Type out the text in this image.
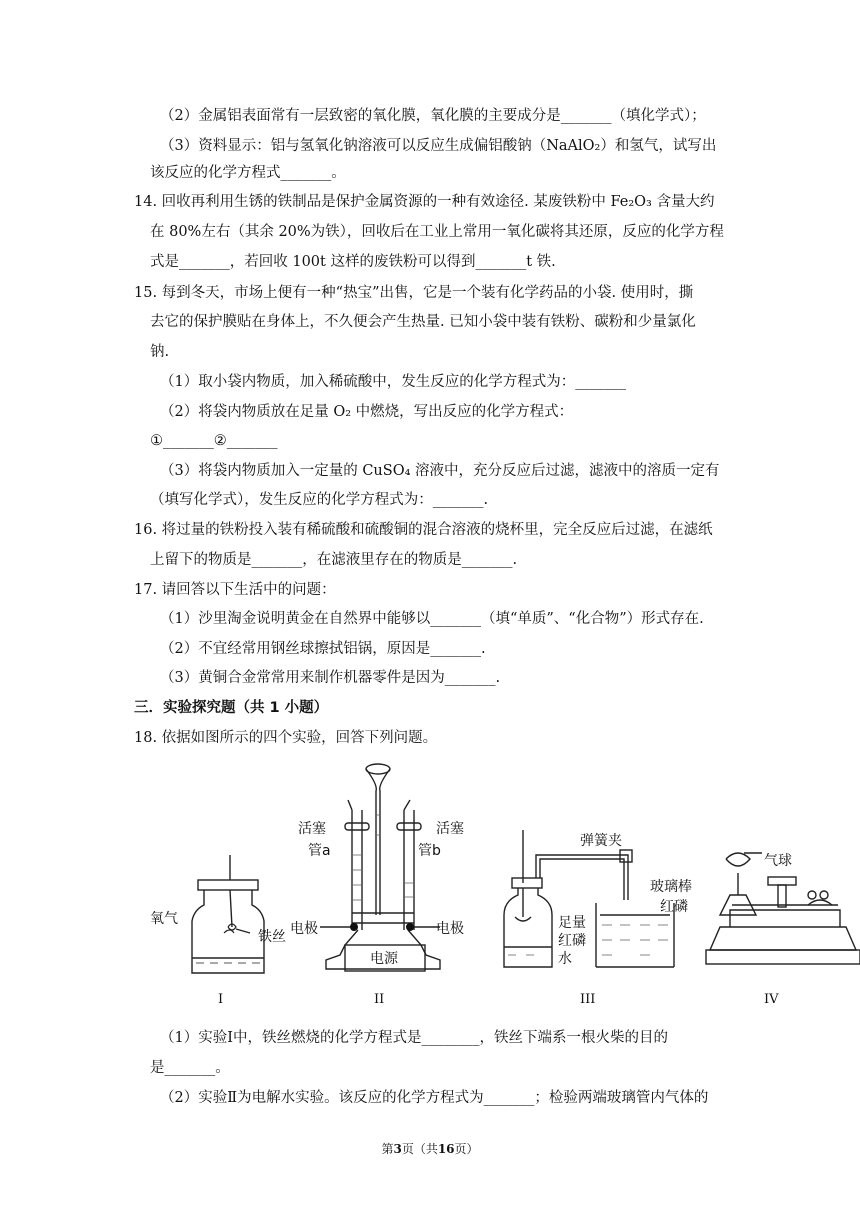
（2）金属铝表面常有一层致密的氧化膜，氧化膜的主要成分是_______（填化学式）；
（3）资料显示：铝与氢氧化钠溶液可以反应生成偏铝酸钠（NaAlO₂）和氢气，试写出
该反应的化学方程式_______。
14. 回收再利用生锈的铁制品是保护金属资源的一种有效途径. 某废铁粉中 Fe₂O₃ 含量大约
在 80%左右（其余 20%为铁），回收后在工业上常用一氧化碳将其还原，反应的化学方程
式是_______，若回收 100t 这样的废铁粉可以得到_______t 铁.
15. 每到冬天，市场上便有一种“热宝”出售，它是一个装有化学药品的小袋. 使用时，撕
去它的保护膜贴在身体上，不久便会产生热量. 已知小袋中装有铁粉、碳粉和少量氯化
钠.
（1）取小袋内物质，加入稀硫酸中，发生反应的化学方程式为：_______
（2）将袋内物质放在足量 O₂ 中燃烧，写出反应的化学方程式：
①_______②_______
（3）将袋内物质加入一定量的 CuSO₄ 溶液中，充分反应后过滤，滤液中的溶质一定有
（填写化学式），发生反应的化学方程式为：_______.
16. 将过量的铁粉投入装有稀硫酸和硫酸铜的混合溶液的烧杯里，完全反应后过滤，在滤纸
上留下的物质是_______，在滤液里存在的物质是_______.
17. 请回答以下生活中的问题：
（1）沙里淘金说明黄金在自然界中能够以_______（填“单质”、“化合物”）形式存在.
（2）不宜经常用钢丝球擦拭铝锅，原因是_______.
（3）黄铜合金常常用来制作机器零件是因为_______.
三．实验探究题（共 1 小题）
18. 依据如图所示的四个实验，回答下列问题。
氧气
铁丝
活塞
管a
活塞
管b
电极	电极
电源
弹簧夹
足量
红磷
水
气球
玻璃棒
红磷
I	II	III	IV
（1）实验Ⅰ中，铁丝燃烧的化学方程式是________，铁丝下端系一根火柴的目的
是_______。
（2）实验Ⅱ为电解水实验。该反应的化学方程式为_______；检验两端玻璃管内气体的
第3页（共16页）
